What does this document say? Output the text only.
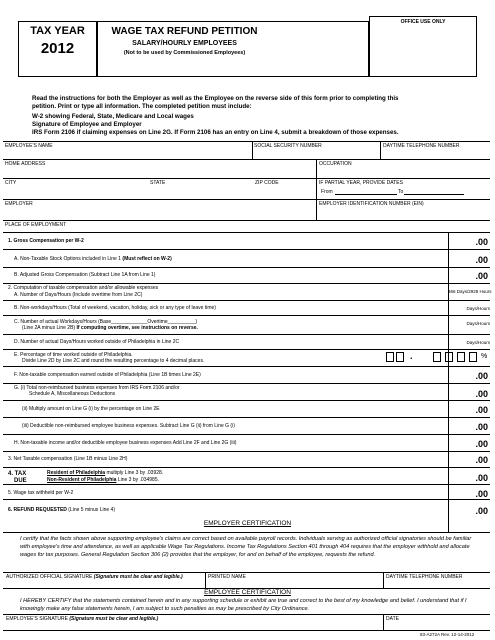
TAX YEAR
2012
WAGE TAX REFUND PETITION
SALARY/HOURLY EMPLOYEES
(Not to be used by Commissioned Employees)
OFFICE USE ONLY
Read the instructions for both the Employer as well as the Employee on the reverse side of this form prior to completing this
petition. Print or type all information. The completed petition must include:
W-2 showing Federal, State, Medicare and Local wages
Signature of Employee and Employer
IRS Form 2106 if claiming expenses on Line 2G. If Form 2106 has an entry on Line 4, submit a breakdown of those expenses.
EMPLOYEE'S NAME	SOCIAL SECURITY NUMBER	DAYTIME TELEPHONE NUMBER
HOME ADDRESS	OCCUPATION
CITY	STATE	ZIP CODE	IF PARTIAL YEAR, PROVIDE DATES
From	To
EMPLOYER	EMPLOYER IDENTIFICATION NUMBER (EIN)
PLACE OF EMPLOYMENT
1. Gross Compensation per W-2	.00
A. Non-Taxable Stock Options included in Line 1 (Must reflect on W-2)	.00
B. Adjusted Gross Compensation (Subtract Line 1A from Line 1)	.00
2. Computation of taxable compensation and/or allowable expenses
A. Number of Days/Hours (Include overtime from Line 2C)
366 Days/2928 Hours
B. Non-workdays/Hours (Total of weekend, vacation, holiday, sick or any type of leave time)	Days/Hours
C. Number of actual Workdays/Hours (Base_____________Overtime__________)
(Line 2A minus Line 2B) If computing overtime, see instructions on reverse.
Days/Hours
D. Number of actual Days/Hours worked outside of Philadelphia in Line 2C	Days/Hours
E. Percentage of time worked outside of Philadelphia.
Divide Line 2D by Line 2C and round the resulting percentage to 4 decimal places.	.	%
F. Non-taxable compensation earned outside of Philadelphia (Line 1B times Line 2E)	.00
G. (i) Total non-reimbursed business expenses from IRS Form 2106 and/or
Schedule A, Miscellaneous Deductions	.00
(ii) Multiply amount on Line G (i) by the percentage on Line 2E	.00
(iii) Deductible non-reimbursed employee business expenses. Subtract Line G (ii) from Line G (i)	.00
H. Non-taxable income and/or deductible employee business expenses Add Line 2F and Line 2G (iii)	.00
3. Net Taxable compensation (Line 1B minus Line 2H)	.00
4. TAX
DUE
Resident of Philadelphia multiply Line 3 by .03928.
Non-Resident of Philadelphia Line 3 by .034985.	.00
5. Wage tax withheld per W-2	.00
6. REFUND REQUESTED (Line 5 minus Line 4)	.00
EMPLOYER CERTIFICATION
I certify that the facts shown above supporting employee's claims are correct based on available payroll records. Individuals serving as authorized official signatories should be familiar with employee's time and attendance, as well as applicable Wage Tax Regulations. Income Tax Regulations Section 401 through 404 requires that the employer withhold and allocate wages for tax purposes. General Regulation Section 306 (2) provides that the employer, for and on behalf of the employee, requests the refund.
AUTHORIZED OFFICIAL SIGNATURE (Signature must be clear and legible.)	PRINTED NAME	DAYTIME TELEPHONE NUMBER
EMPLOYEE CERTIFICATION
I HEREBY CERTIFY that the statements contained herein and in any supporting schedule or exhibit are true and correct to the best of my knowledge and belief. I understand that if I knowingly make any false statements herein, I am subject to such penalties as may be prescribed by City Ordinance.
EMPLOYEE'S SIGNATURE (Signature must be clear and legible.)	DATE
83-A272A Rev. 12-14-2012
